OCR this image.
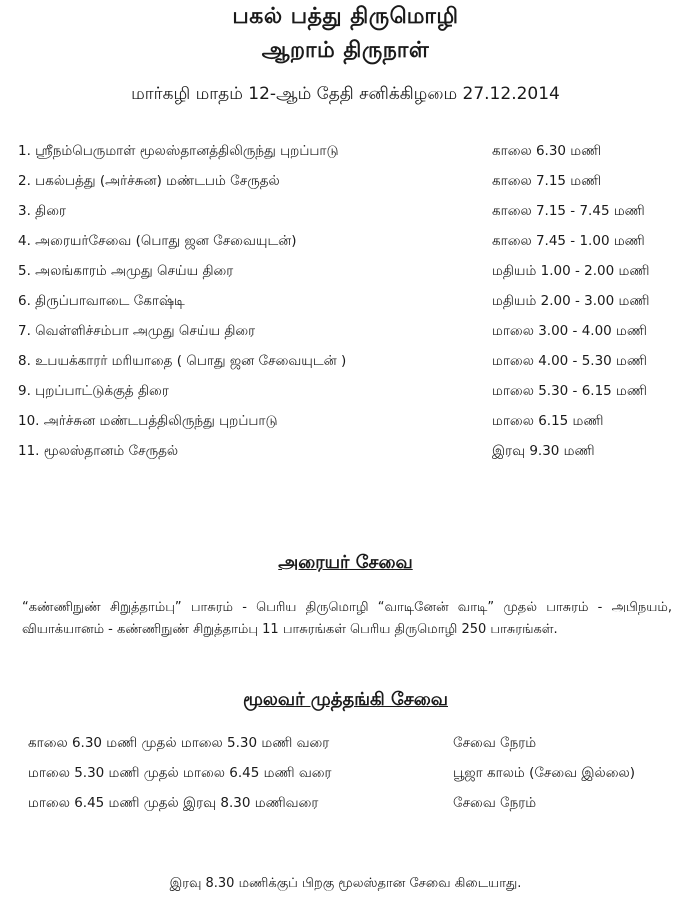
பகல் பத்து திருமொழி
ஆறாம் திருநாள்
மார்கழி மாதம் 12-ஆம் தேதி சனிக்கிழமை 27.12.2014
1. ஸ்ரீநம்பெருமாள் மூலஸ்தானத்திலிருந்து புறப்பாடு	காலை 6.30 மணி
2. பகல்பத்து (அர்ச்சுன) மண்டபம் சேருதல்	காலை 7.15 மணி
3. திரை	காலை 7.15 - 7.45 மணி
4. அரையர்சேவை (பொது ஜன சேவையுடன்)	காலை 7.45 - 1.00 மணி
5. அலங்காரம் அமுது செய்ய திரை	மதியம் 1.00 - 2.00 மணி
6. திருப்பாவாடை கோஷ்டி	மதியம் 2.00 - 3.00 மணி
7. வெள்ளிச்சம்பா அமுது செய்ய திரை	மாலை 3.00 - 4.00 மணி
8. உபயக்காரர் மரியாதை ( பொது ஜன சேவையுடன் )	மாலை 4.00 - 5.30 மணி
9. புறப்பாட்டுக்குத் திரை	மாலை 5.30 - 6.15 மணி
10. அர்ச்சுன மண்டபத்திலிருந்து புறப்பாடு	மாலை 6.15 மணி
11. மூலஸ்தானம் சேருதல்	இரவு 9.30 மணி
அரையர் சேவை
“கண்ணிநுண் சிறுத்தாம்பு” பாசுரம் - பெரிய திருமொழி “வாடினேன் வாடி” முதல் பாசுரம் - அபிநயம், வியாக்யானம் - கண்ணிநுண் சிறுத்தாம்பு 11 பாசுரங்கள் பெரிய திருமொழி 250 பாசுரங்கள்.
மூலவர் முத்தங்கி சேவை
காலை 6.30 மணி முதல் மாலை 5.30 மணி வரை	சேவை நேரம்
மாலை 5.30 மணி முதல் மாலை 6.45 மணி வரை	பூஜா காலம் (சேவை இல்லை)
மாலை 6.45 மணி முதல் இரவு 8.30 மணிவரை	சேவை நேரம்
இரவு 8.30 மணிக்குப் பிறகு மூலஸ்தான சேவை கிடையாது.
